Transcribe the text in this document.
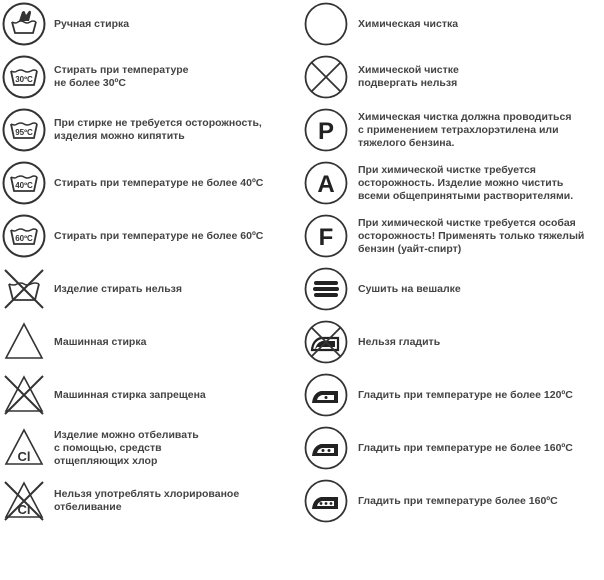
Ручная стирка
30ºC
Стирать при температуре
не более 30ºС
95ºC
При стирке не требуется осторожность,
изделия можно кипятить
40ºC Стирать при температуре не более 40ºС
60ºC Стирать при температуре не более 60ºС
Изделие стирать нельзя
Машинная стирка
Машинная стирка запрещена
Cl
Изделие можно отбеливать
с помощью, средств
отщепляющих хлор
Cl
Нельзя употреблять хлорированое
отбеливание
Химическая чистка
Химической чистке
подвергать нельзя
P
Химическая чистка должна проводиться
с применением тетрахлорэтилена или
тяжелого бензина.
A
При химической чистке требуется
осторожность. Изделие можно чистить
всеми общепринятыми растворителями.
F
При химической чистке требуется особая
осторожность! Применять только тяжелый
бензин (уайт-спирт)
Сушить на вешалке
Нельзя гладить
Гладить при температуре не более 120ºС
Гладить при температуре не более 160ºС
Гладить при температуре более 160ºС
